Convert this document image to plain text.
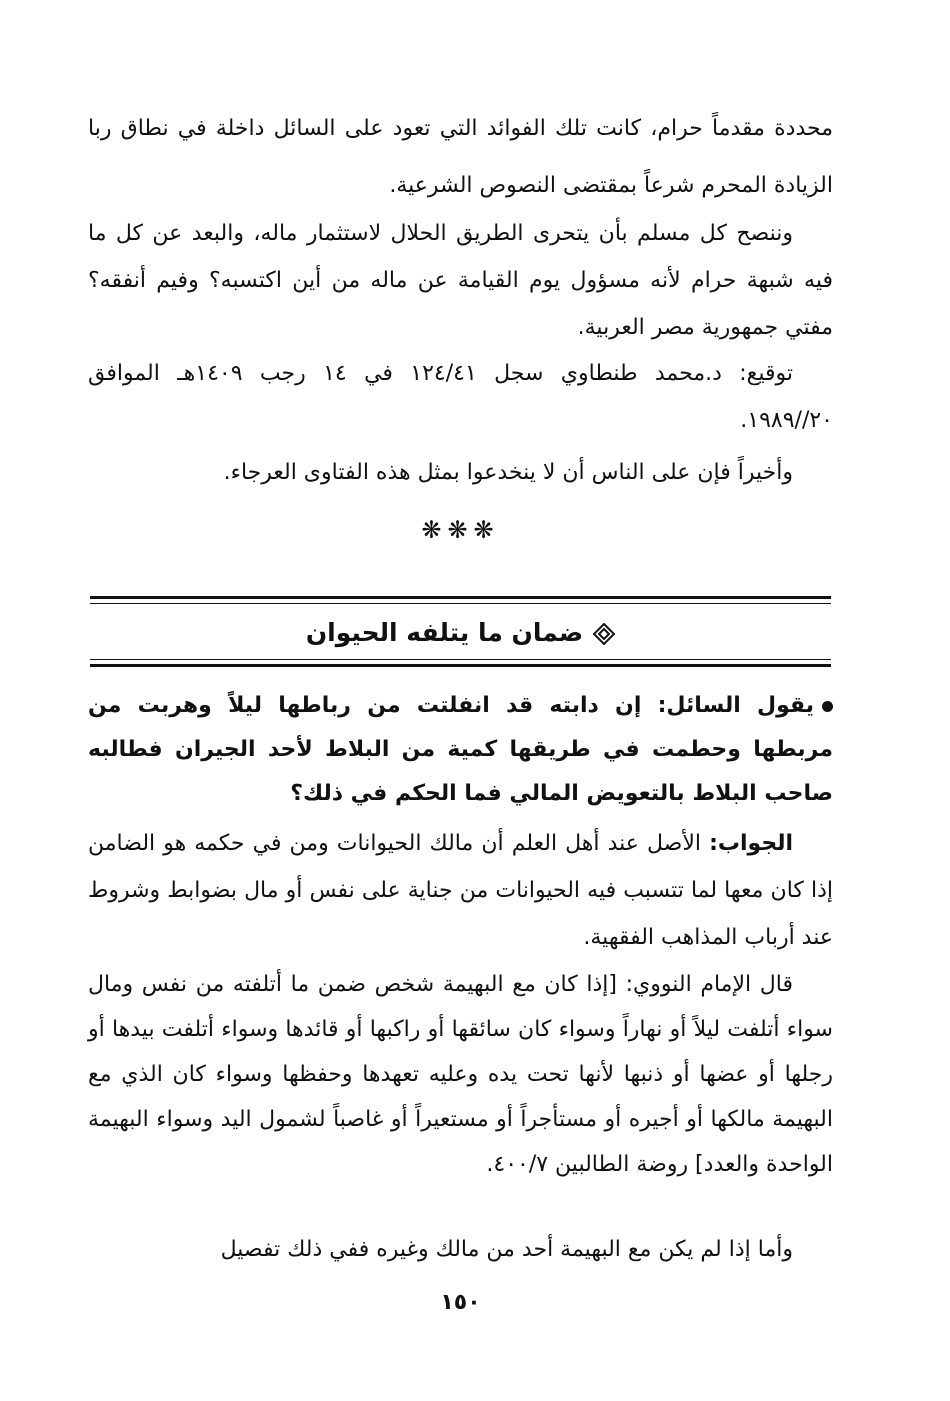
محددة مقدماً حرام، كانت تلك الفوائد التي تعود على السائل داخلة في نطاق ربا الزيادة المحرم شرعاً بمقتضى النصوص الشرعية.

وننصح كل مسلم بأن يتحرى الطريق الحلال لاستثمار ماله، والبعد عن كل ما فيه شبهة حرام لأنه مسؤول يوم القيامة عن ماله من أين اكتسبه؟ وفيم أنفقه؟ مفتي جمهورية مصر العربية.

توقيع: د.محمد طنطاوي سجل ١٢٤/٤١ في ١٤ رجب ١٤٠٩هـ الموافق ٢٠//١٩٨٩.

وأخيراً فإن على الناس أن لا ينخدعوا بمثل هذه الفتاوى العرجاء.

❋❋❋
ضمان ما يتلفه الحيوان

يقول السائل: إن دابته قد انفلتت من رباطها ليلاً وهربت من مربطها وحطمت في طريقها كمية من البلاط لأحد الجيران فطالبه صاحب البلاط بالتعويض المالي فما الحكم في ذلك؟

الجواب: الأصل عند أهل العلم أن مالك الحيوانات ومن في حكمه هو الضامن إذا كان معها لما تتسبب فيه الحيوانات من جناية على نفس أو مال بضوابط وشروط عند أرباب المذاهب الفقهية.

قال الإمام النووي: [إذا كان مع البهيمة شخص ضمن ما أتلفته من نفس ومال سواء أتلفت ليلاً أو نهاراً وسواء كان سائقها أو راكبها أو قائدها وسواء أتلفت بيدها أو رجلها أو عضها أو ذنبها لأنها تحت يده وعليه تعهدها وحفظها وسواء كان الذي مع البهيمة مالكها أو أجيره أو مستأجراً أو مستعيراً أو غاصباً لشمول اليد وسواء البهيمة الواحدة والعدد] روضة الطالبين ٤٠٠/٧.

وأما إذا لم يكن مع البهيمة أحد من مالك وغيره ففي ذلك تفصيل

١٥٠
